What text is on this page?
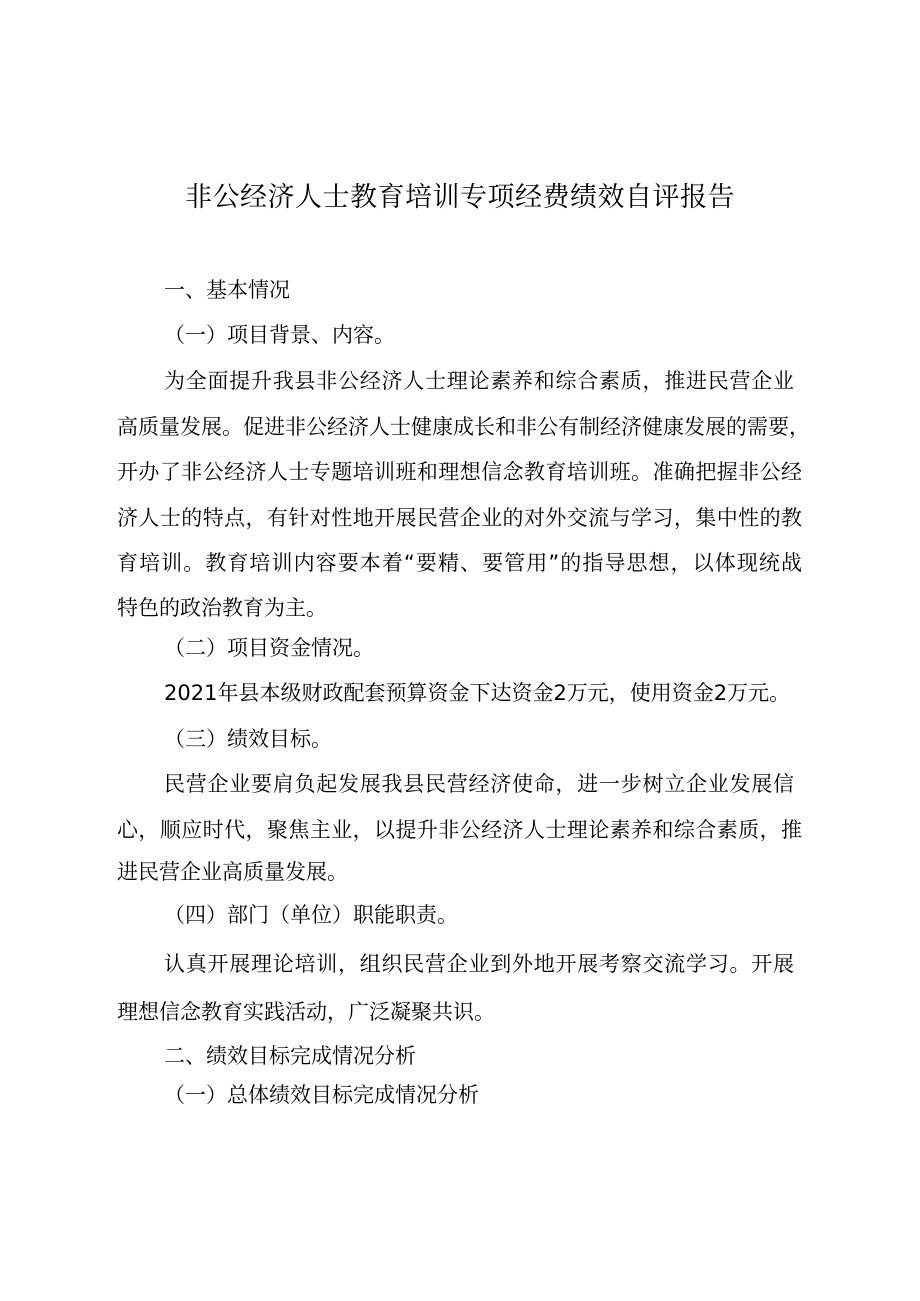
非公经济人士教育培训专项经费绩效自评报告
一、基本情况
（一）项目背景、内容。
为全面提升我县非公经济人士理论素养和综合素质，推进民营企业
高质量发展。促进非公经济人士健康成长和非公有制经济健康发展的需要，
开办了非公经济人士专题培训班和理想信念教育培训班。准确把握非公经
济人士的特点，有针对性地开展民营企业的对外交流与学习，集中性的教
育培训。教育培训内容要本着“要精、要管用”的指导思想，以体现统战
特色的政治教育为主。
（二）项目资金情况。
2021年县本级财政配套预算资金下达资金2万元，使用资金2万元。
（三）绩效目标。
民营企业要肩负起发展我县民营经济使命，进一步树立企业发展信
心，顺应时代，聚焦主业，以提升非公经济人士理论素养和综合素质，推
进民营企业高质量发展。
（四）部门（单位）职能职责。
认真开展理论培训，组织民营企业到外地开展考察交流学习。开展
理想信念教育实践活动，广泛凝聚共识。
二、绩效目标完成情况分析
（一）总体绩效目标完成情况分析
